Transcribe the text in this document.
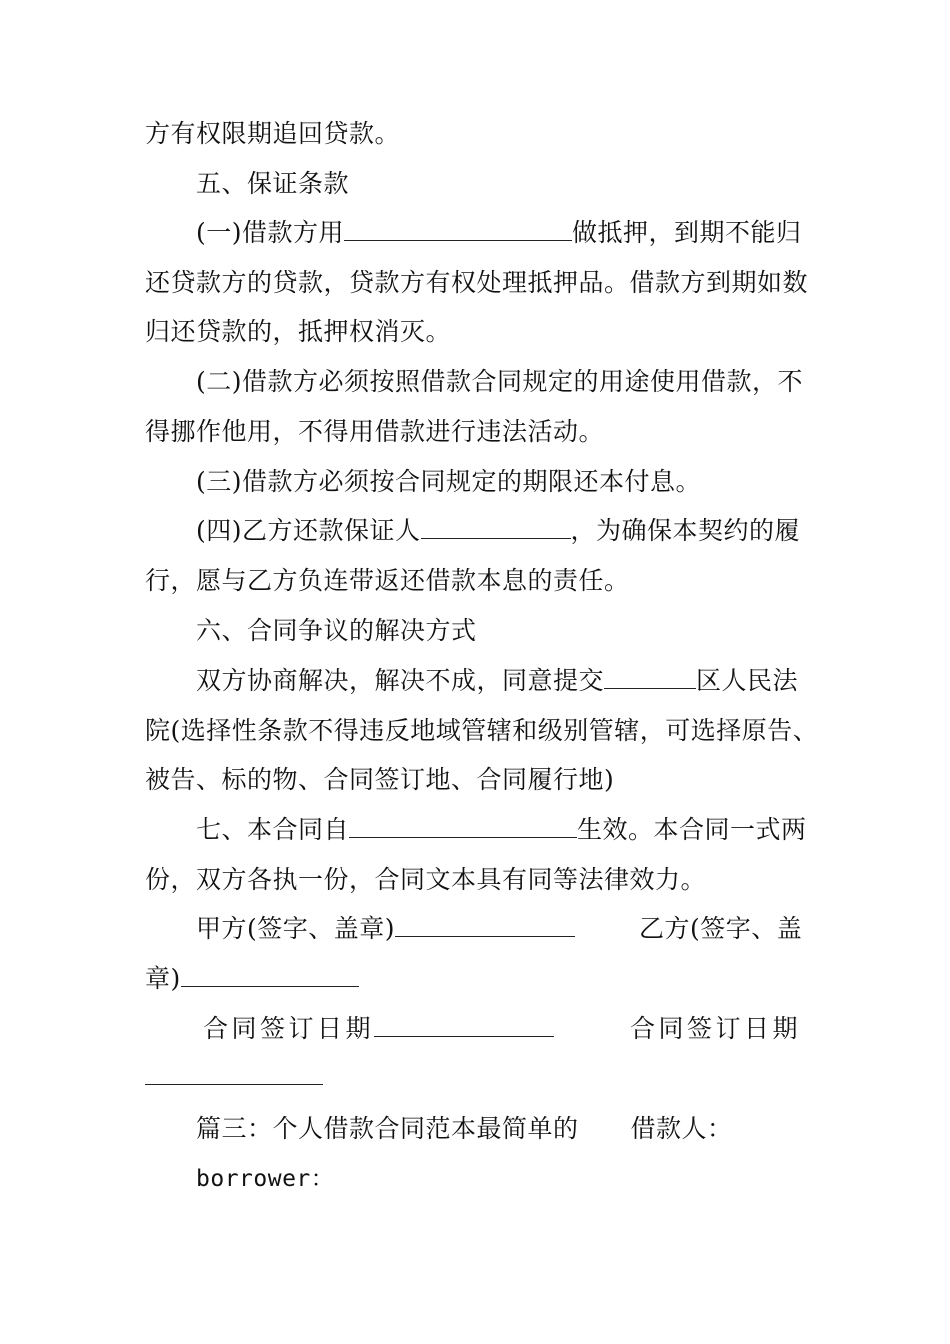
方有权限期追回贷款。
五、保证条款
(一)借款方用	做抵押，到期不能归
还贷款方的贷款，贷款方有权处理抵押品。借款方到期如数
归还贷款的，抵押权消灭。
(二)借款方必须按照借款合同规定的用途使用借款，不
得挪作他用，不得用借款进行违法活动。
(三)借款方必须按合同规定的期限还本付息。
(四)乙方还款保证人	，为确保本契约的履
行，愿与乙方负连带返还借款本息的责任。
六、合同争议的解决方式
双方协商解决，解决不成，同意提交	区人民法
院(选择性条款不得违反地域管辖和级别管辖，可选择原告、
被告、标的物、合同签订地、合同履行地)
七、本合同自	生效。本合同一式两
份，双方各执一份，合同文本具有同等法律效力。
甲方(签字、盖章)	乙方(签字、盖
章)
合同签订日期	合同签订日期
篇三：个人借款合同范本最简单的 借款人：
borrower：
